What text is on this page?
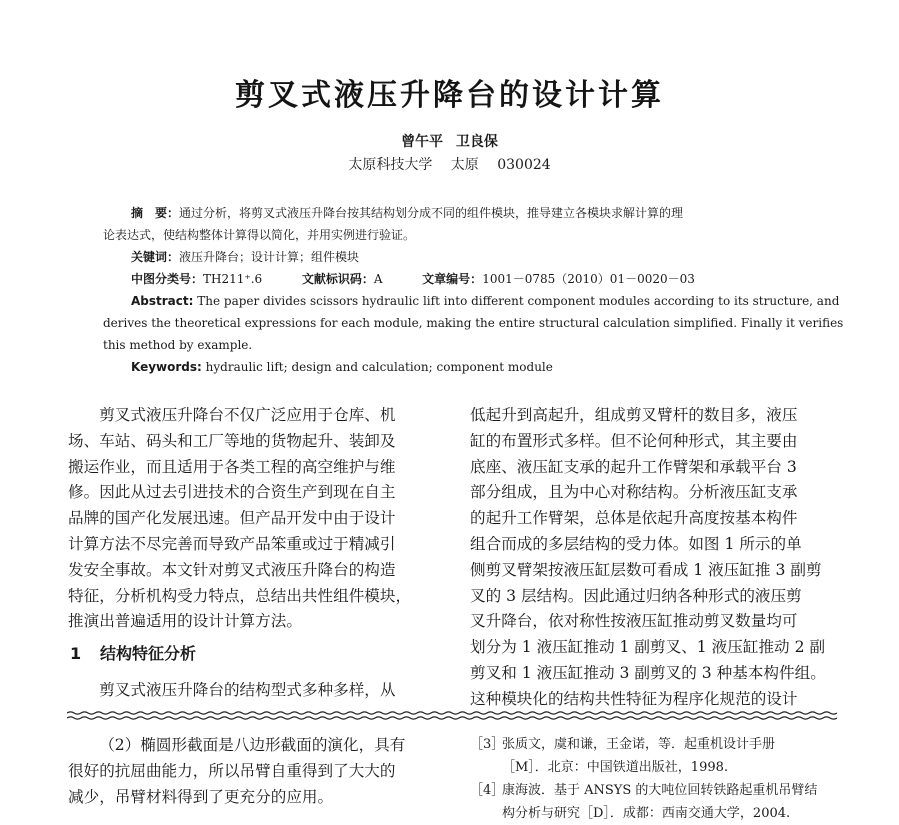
剪叉式液压升降台的设计计算
曾午平 卫良保
太原科技大学 太原 030024
摘　要：通过分析，将剪叉式液压升降台按其结构划分成不同的组件模块，推导建立各模块求解计算的理
论表达式，使结构整体计算得以简化，并用实例进行验证。
关键词：液压升降台；设计计算；组件模块
中图分类号：TH211⁺.6	文献标识码：A	文章编号：1001－0785（2010）01－0020－03
Abstract: The paper divides scissors hydraulic lift into different component modules according to its structure, and
derives the theoretical expressions for each module, making the entire structural calculation simplified. Finally it verifies
this method by example.
Keywords: hydraulic lift; design and calculation; component module
剪叉式液压升降台不仅广泛应用于仓库、机
场、车站、码头和工厂等地的货物起升、装卸及
搬运作业，而且适用于各类工程的高空维护与维
修。因此从过去引进技术的合资生产到现在自主
品牌的国产化发展迅速。但产品开发中由于设计
计算方法不尽完善而导致产品笨重或过于精减引
发安全事故。本文针对剪叉式液压升降台的构造
特征，分析机构受力特点，总结出共性组件模块，
推演出普遍适用的设计计算方法。
1 结构特征分析
剪叉式液压升降台的结构型式多种多样，从
低起升到高起升，组成剪叉臂杆的数目多，液压
缸的布置形式多样。但不论何种形式，其主要由
底座、液压缸支承的起升工作臂架和承载平台 3
部分组成，且为中心对称结构。分析液压缸支承
的起升工作臂架，总体是依起升高度按基本构件
组合而成的多层结构的受力体。如图 1 所示的单
侧剪叉臂架按液压缸层数可看成 1 液压缸推 3 副剪
叉的 3 层结构。因此通过归纳各种形式的液压剪
叉升降台，依对称性按液压缸推动剪叉数量均可
划分为 1 液压缸推动 1 副剪叉、1 液压缸推动 2 副
剪叉和 1 液压缸推动 3 副剪叉的 3 种基本构件组。
这种模块化的结构共性特征为程序化规范的设计
（2）椭圆形截面是八边形截面的演化，具有
很好的抗屈曲能力，所以吊臂自重得到了大大的
减少，吊臂材料得到了更充分的应用。
［3］张质文，虞和谦，王金诺，等．起重机设计手册
［M］．北京：中国铁道出版社，1998.
［4］康海波．基于 ANSYS 的大吨位回转铁路起重机吊臂结
构分析与研究［D］．成都：西南交通大学，2004.
